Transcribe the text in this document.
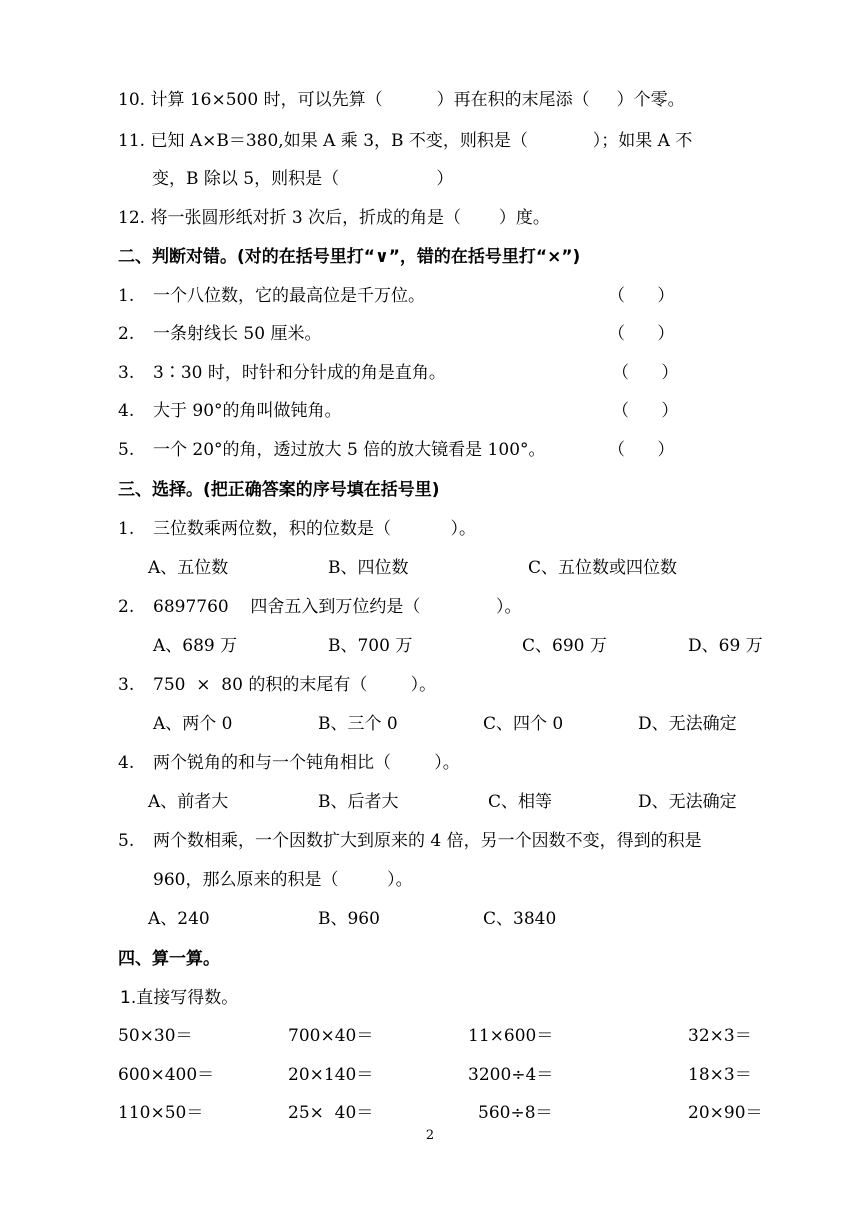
10. 计算 16×500 时，可以先算（          ）再在积的末尾添（     ）个零。
11. 已知 A×B＝380,如果 A 乘 3，B 不变，则积是（            ）；如果 A 不
变，B 除以 5，则积是（                  ）
12. 将一张圆形纸对折 3 次后，折成的角是（       ）度。
二、判断对错。(对的在括号里打“∨”，错的在括号里打“×”)
1. 一个八位数，它的最高位是千万位。	（      ）
2. 一条射线长 50 厘米。	（      ）
3. 3∶30 时，时针和分针成的角是直角。	（      ）
4. 大于 90°的角叫做钝角。	（      ）
5. 一个 20°的角，透过放大 5 倍的放大镜看是 100°。	（      ）
三、选择。(把正确答案的序号填在括号里)
1. 三位数乘两位数，积的位数是（           ）。
A、五位数	B、四位数	C、五位数或四位数
2. 6897760    四舍五入到万位约是（              ）。
A、689 万	B、700 万	C、690 万	D、69 万
3. 750  ×  80 的积的末尾有（        ）。
A、两个 0	B、三个 0	C、四个 0	D、无法确定
4. 两个锐角的和与一个钝角相比（        ）。
A、前者大	B、后者大	C、相等	D、无法确定
5. 两个数相乘，一个因数扩大到原来的 4 倍，另一个因数不变，得到的积是
960，那么原来的积是（         ）。
A、240	B、960	C、3840
四、算一算。
1.直接写得数。
50×30＝	700×40＝	11×600＝	32×3＝
600×400＝	20×140＝	3200÷4＝	18×3＝
110×50＝	25×  40＝	560÷8＝	20×90＝
2
